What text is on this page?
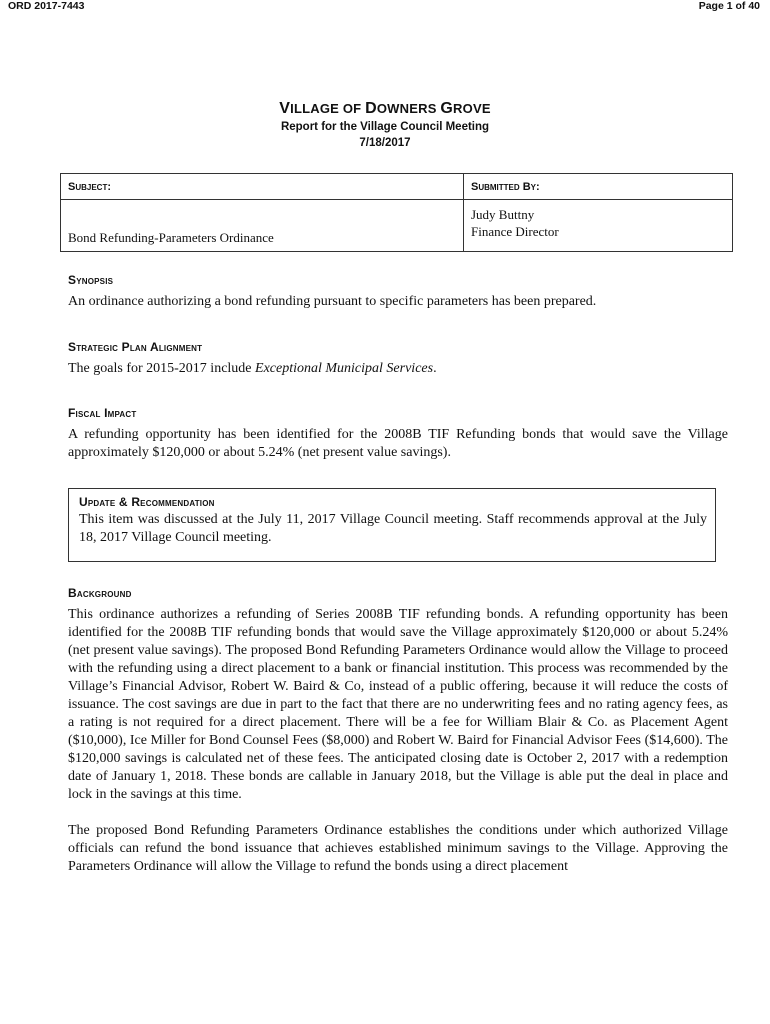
ORD 2017-7443	Page 1 of 40
VILLAGE OF DOWNERS GROVE
Report for the Village Council Meeting
7/18/2017
Subject:	Submitted By:
Bond Refunding-Parameters Ordinance	Judy Buttny
Finance Director
Synopsis
An ordinance authorizing a bond refunding pursuant to specific parameters has been prepared.
Strategic Plan Alignment
The goals for 2015-2017 include Exceptional Municipal Services.
Fiscal Impact
A refunding opportunity has been identified for the 2008B TIF Refunding bonds that would save the Village approximately $120,000 or about 5.24% (net present value savings).
Update & Recommendation
This item was discussed at the July 11, 2017 Village Council meeting. Staff recommends approval at the July 18, 2017 Village Council meeting.
Background
This ordinance authorizes a refunding of Series 2008B TIF refunding bonds. A refunding opportunity has been identified for the 2008B TIF refunding bonds that would save the Village approximately $120,000 or about 5.24% (net present value savings). The proposed Bond Refunding Parameters Ordinance would allow the Village to proceed with the refunding using a direct placement to a bank or financial institution. This process was recommended by the Village’s Financial Advisor, Robert W. Baird & Co, instead of a public offering, because it will reduce the costs of issuance. The cost savings are due in part to the fact that there are no underwriting fees and no rating agency fees, as a rating is not required for a direct placement. There will be a fee for William Blair & Co. as Placement Agent ($10,000), Ice Miller for Bond Counsel Fees ($8,000) and Robert W. Baird for Financial Advisor Fees ($14,600). The $120,000 savings is calculated net of these fees. The anticipated closing date is October 2, 2017 with a redemption date of January 1, 2018. These bonds are callable in January 2018, but the Village is able put the deal in place and lock in the savings at this time.
The proposed Bond Refunding Parameters Ordinance establishes the conditions under which authorized Village officials can refund the bond issuance that achieves established minimum savings to the Village. Approving the Parameters Ordinance will allow the Village to refund the bonds using a direct placement
